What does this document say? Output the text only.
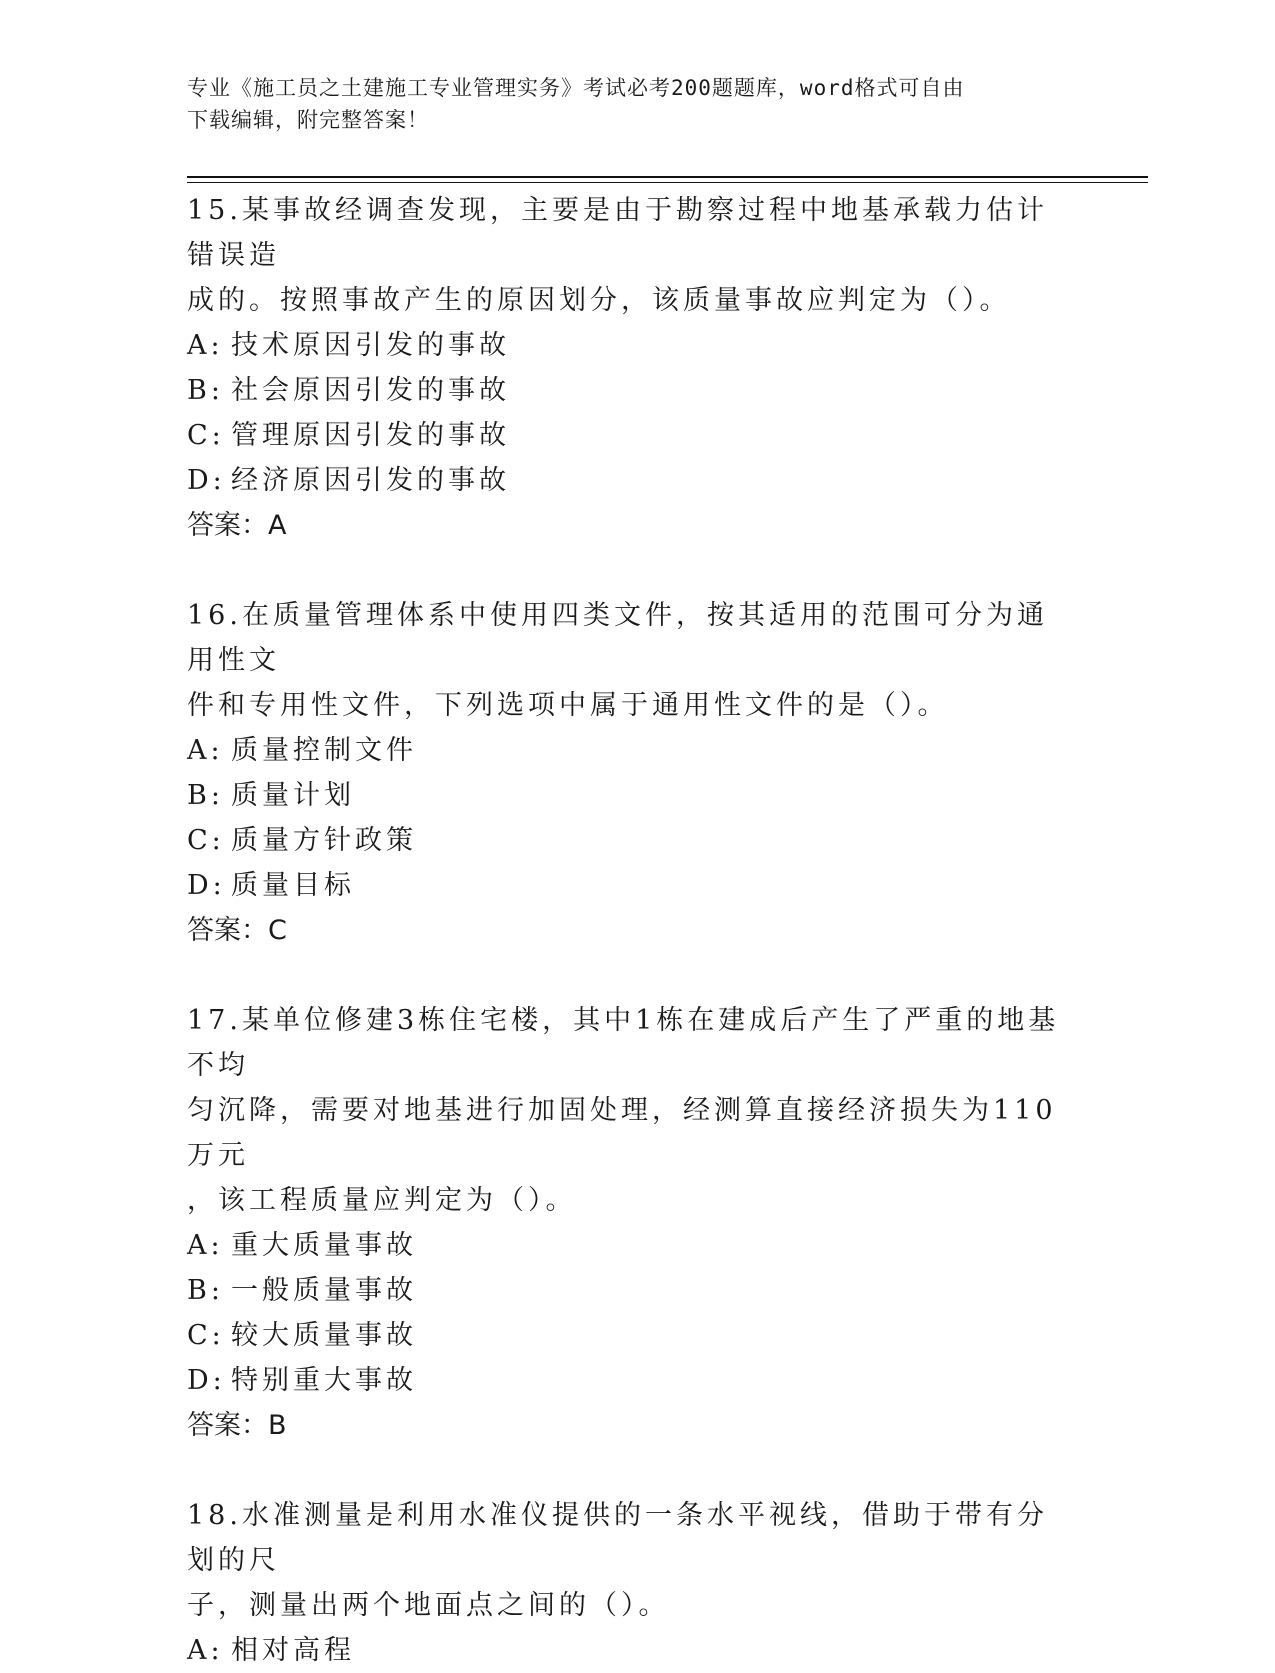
专业《施工员之土建施工专业管理实务》考试必考200题题库，word格式可自由
下载编辑，附完整答案！

15.某事故经调查发现，主要是由于勘察过程中地基承载力估计错误造

成的。按照事故产生的原因划分，该质量事故应判定为（）。

A: 技术原因引发的事故

B: 社会原因引发的事故

C: 管理原因引发的事故

D: 经济原因引发的事故

答案：A

16.在质量管理体系中使用四类文件，按其适用的范围可分为通用性文

件和专用性文件，下列选项中属于通用性文件的是（）。

A: 质量控制文件

B: 质量计划

C: 质量方针政策

D: 质量目标

答案：C

17.某单位修建3栋住宅楼，其中1栋在建成后产生了严重的地基不均

匀沉降，需要对地基进行加固处理，经测算直接经济损失为110万元

，该工程质量应判定为（）。

A: 重大质量事故

B: 一般质量事故

C: 较大质量事故

D: 特别重大事故

答案：B

18.水准测量是利用水准仪提供的一条水平视线，借助于带有分划的尺

子，测量出两个地面点之间的（）。

A: 相对高程
